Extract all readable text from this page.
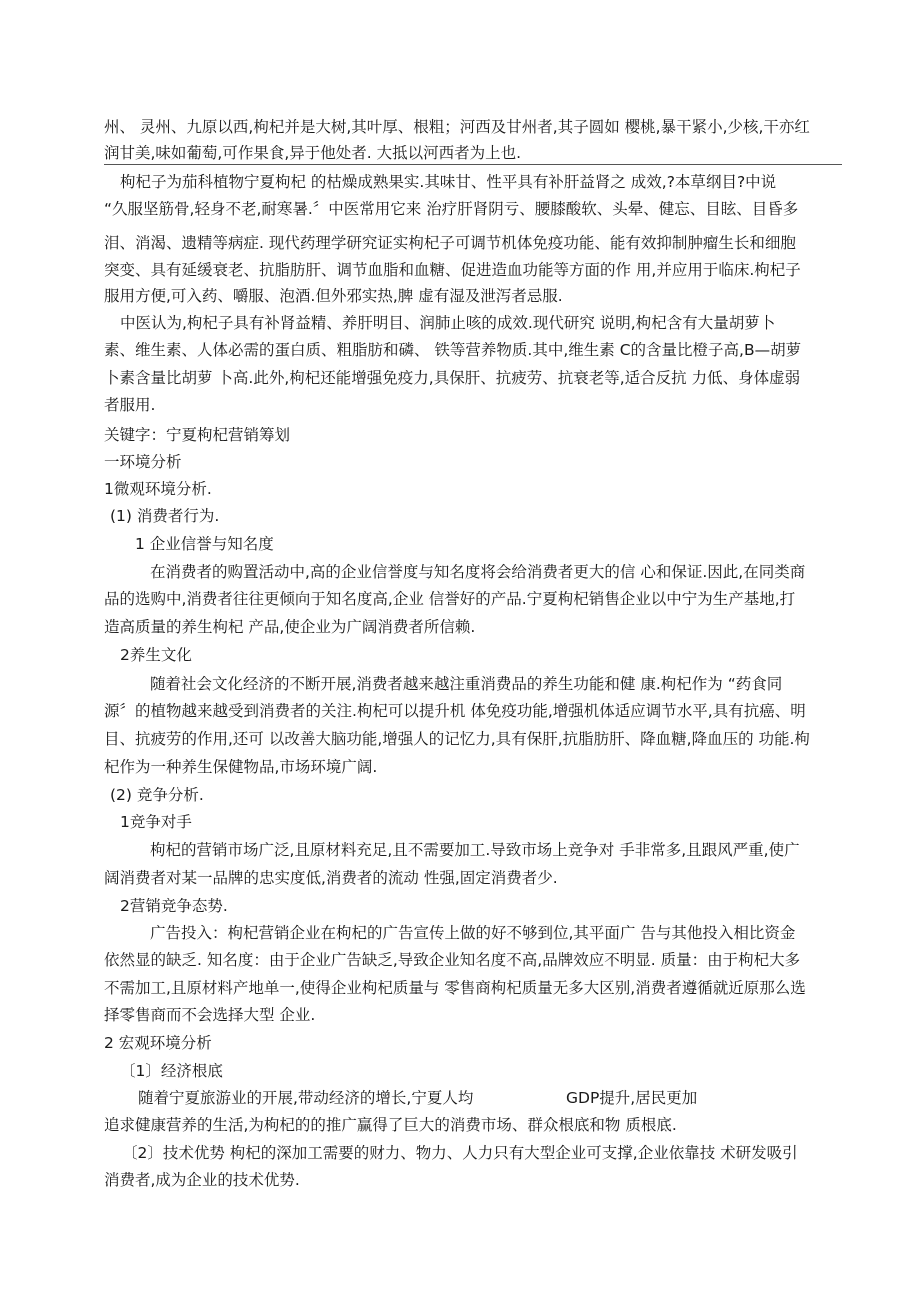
州、 灵州、九原以西,枸杞并是大树,其叶厚、根粗；河西及甘州者,其子圆如 樱桃,暴干紧小,少核,干亦红
润甘美,味如葡萄,可作果食,异于他处者. 大抵以河西者为上也.
枸杞子为茄科植物宁夏枸杞 的枯燥成熟果实.其味甘、性平具有补肝益肾之 成效,?本草纲目?中说
“久服坚筋骨,轻身不老,耐寒暑.〞中医常用它来 治疗肝肾阴亏、腰膝酸软、头晕、健忘、目眩、目昏多
泪、消渴、遗精等病症. 现代药理学研究证实枸杞子可调节机体免疫功能、能有效抑制肿瘤生长和细胞
突变、具有延缓衰老、抗脂肪肝、调节血脂和血糖、促进造血功能等方面的作 用,并应用于临床.枸杞子
服用方便,可入药、嚼服、泡酒.但外邪实热,脾 虚有湿及泄泻者忌服.
中医认为,枸杞子具有补肾益精、养肝明目、润肺止咳的成效.现代研究 说明,枸杞含有大量胡萝卜
素、维生素、人体必需的蛋白质、粗脂肪和磷、 铁等营养物质.其中,维生素 C的含量比橙子高,B—胡萝
卜素含量比胡萝 卜高.此外,枸杞还能增强免疫力,具保肝、抗疲劳、抗衰老等,适合反抗 力低、身体虚弱
者服用.
关键字：宁夏枸杞营销筹划
一环境分析
1微观环境分析.
(1) 消费者行为.
1 企业信誉与知名度
在消费者的购置活动中,高的企业信誉度与知名度将会给消费者更大的信 心和保证.因此,在同类商
品的选购中,消费者往往更倾向于知名度高,企业 信誉好的产品.宁夏枸杞销售企业以中宁为生产基地,打
造高质量的养生枸杞 产品,使企业为广阔消费者所信赖.
2养生文化
随着社会文化经济的不断开展,消费者越来越注重消费品的养生功能和健 康.枸杞作为 “药食同
源〞的植物越来越受到消费者的关注.枸杞可以提升机 体免疫功能,增强机体适应调节水平,具有抗癌、明
目、抗疲劳的作用,还可 以改善大脑功能,增强人的记忆力,具有保肝,抗脂肪肝、降血糖,降血压的 功能.枸
杞作为一种养生保健物品,市场环境广阔.
(2) 竞争分析.
1竞争对手
枸杞的营销市场广泛,且原材料充足,且不需要加工.导致市场上竞争对 手非常多,且跟风严重,使广
阔消费者对某一品牌的忠实度低,消费者的流动 性强,固定消费者少.
2营销竞争态势.
广告投入：枸杞营销企业在枸杞的广告宣传上做的好不够到位,其平面广 告与其他投入相比资金
依然显的缺乏. 知名度：由于企业广告缺乏,导致企业知名度不高,品牌效应不明显. 质量：由于枸杞大多
不需加工,且原材料产地单一,使得企业枸杞质量与 零售商枸杞质量无多大区别,消费者遵循就近原那么选
择零售商而不会选择大型 企业.
2 宏观环境分析
〔1〕经济根底
随着宁夏旅游业的开展,带动经济的增长,宁夏人均	GDP提升,居民更加
追求健康营养的生活,为枸杞的的推广赢得了巨大的消费市场、群众根底和物 质根底.
〔2〕技术优势 枸杞的深加工需要的财力、物力、人力只有大型企业可支撑,企业依靠技 术研发吸引
消费者,成为企业的技术优势.
